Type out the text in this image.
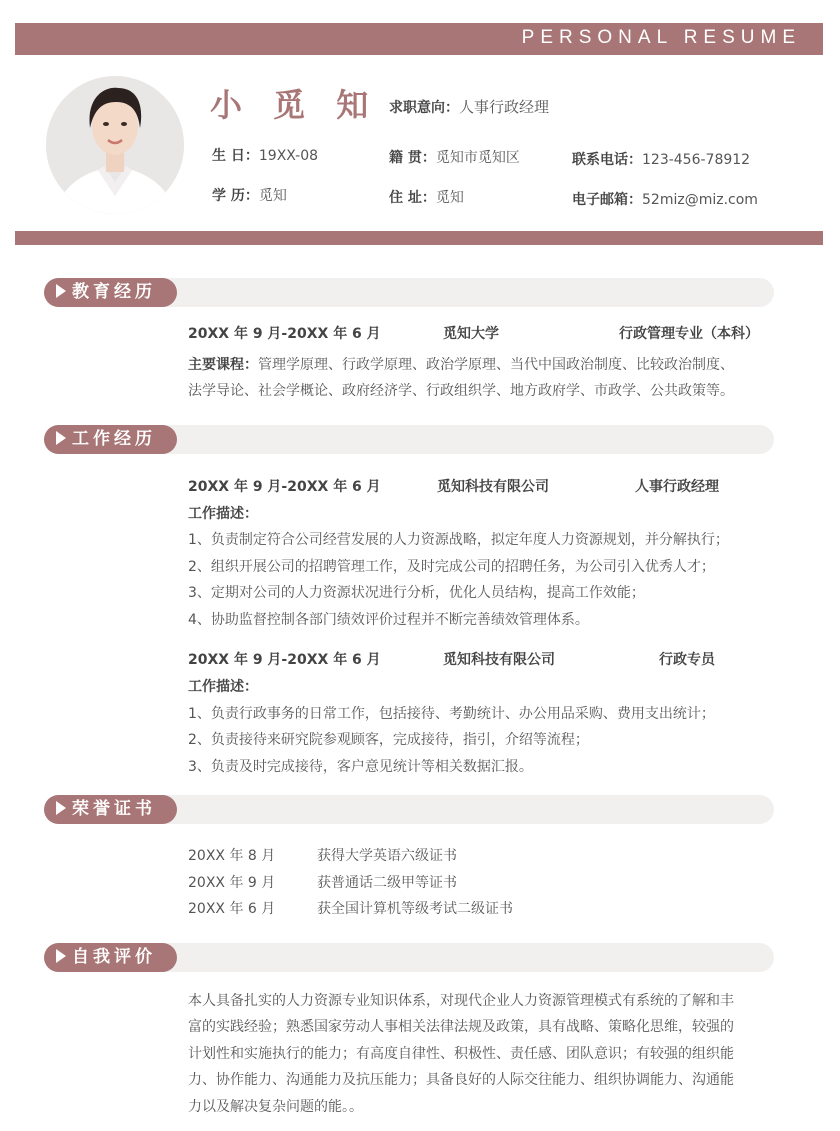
PERSONAL RESUME
小 觅 知 求职意向：人事行政经理
生 日：19XX-08	籍 贯：觅知市觅知区	联系电话：123-456-78912
学 历：觅知	住 址：觅知	电子邮箱：52miz@miz.com
教育经历
20XX 年 9 月-20XX 年 6 月	觅知大学	行政管理专业（本科）
主要课程：管理学原理、行政学原理、政治学原理、当代中国政治制度、比较政治制度、
法学导论、社会学概论、政府经济学、行政组织学、地方政府学、市政学、公共政策等。
工作经历
20XX 年 9 月-20XX 年 6 月	觅知科技有限公司	人事行政经理
工作描述：
1、负责制定符合公司经营发展的人力资源战略，拟定年度人力资源规划，并分解执行；
2、组织开展公司的招聘管理工作，及时完成公司的招聘任务，为公司引入优秀人才；
3、定期对公司的人力资源状况进行分析，优化人员结构，提高工作效能；
4、协助监督控制各部门绩效评价过程并不断完善绩效管理体系。
20XX 年 9 月-20XX 年 6 月	觅知科技有限公司	行政专员
工作描述：
1、负责行政事务的日常工作，包括接待、考勤统计、办公用品采购、费用支出统计；
2、负责接待来研究院参观顾客，完成接待，指引，介绍等流程；
3、负责及时完成接待，客户意见统计等相关数据汇报。
荣誉证书
20XX 年 8 月	获得大学英语六级证书
20XX 年 9 月	获普通话二级甲等证书
20XX 年 6 月	获全国计算机等级考试二级证书
自我评价
本人具备扎实的人力资源专业知识体系，对现代企业人力资源管理模式有系统的了解和丰
富的实践经验；熟悉国家劳动人事相关法律法规及政策，具有战略、策略化思维，较强的
计划性和实施执行的能力；有高度自律性、积极性、责任感、团队意识；有较强的组织能
力、协作能力、沟通能力及抗压能力；具备良好的人际交往能力、组织协调能力、沟通能
力以及解决复杂问题的能。。
